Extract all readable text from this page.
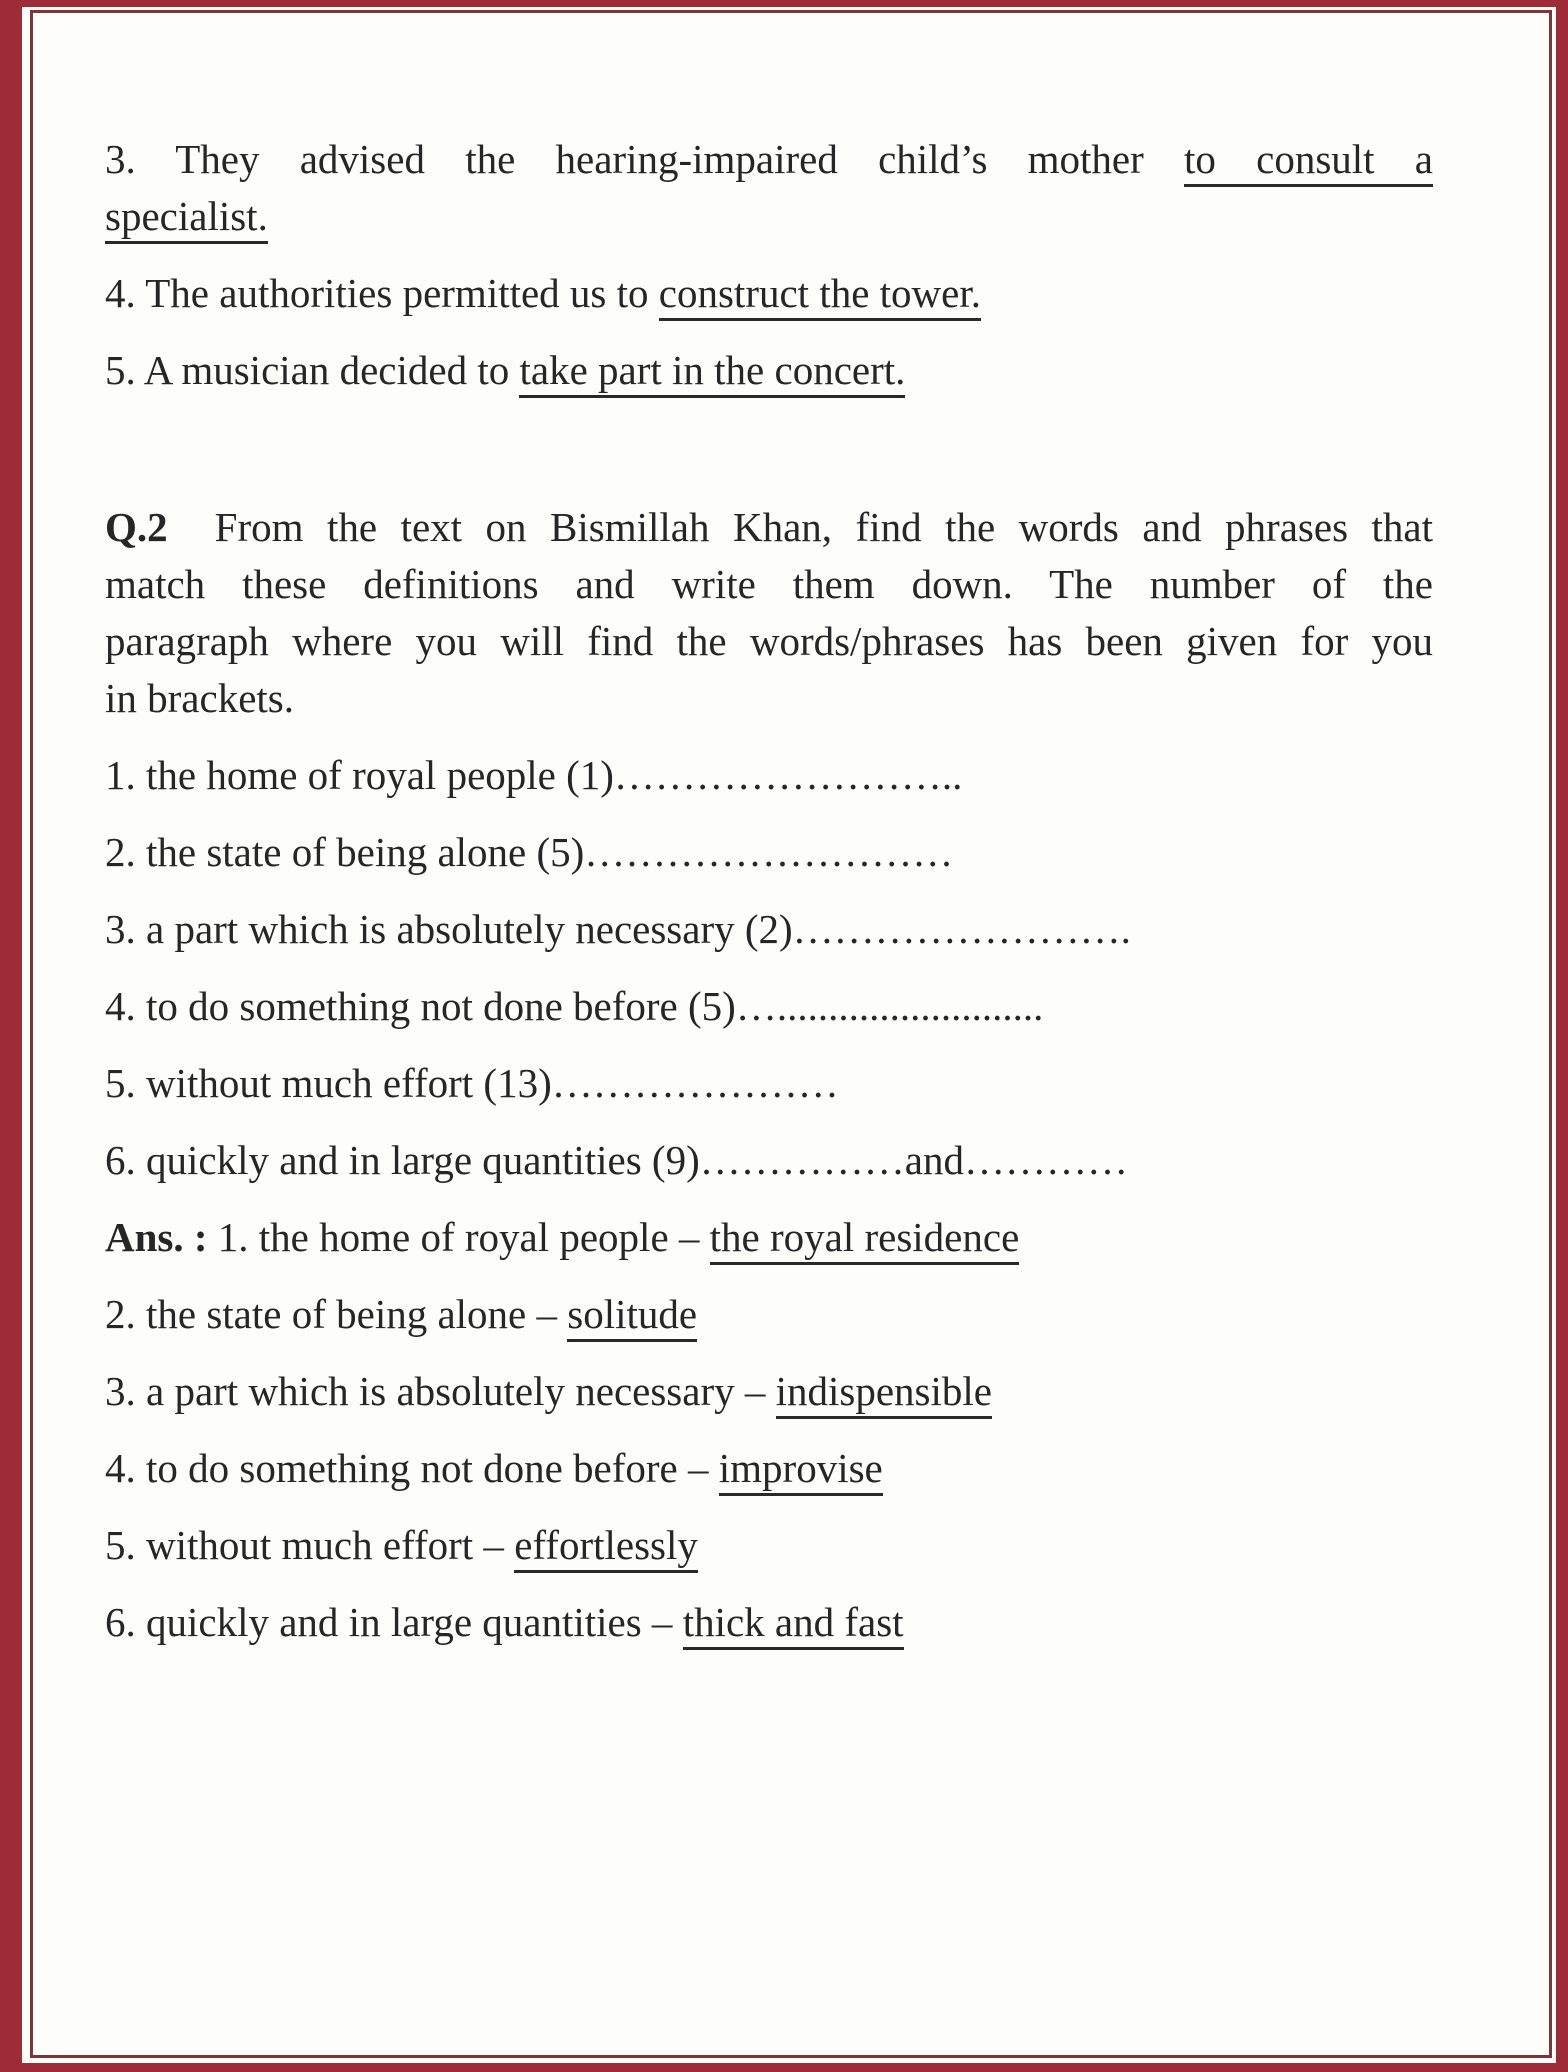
3. They advised the hearing-impaired child’s mother to consult a
specialist.
4. The authorities permitted us to construct the tower.
5. A musician decided to take part in the concert.
Q.2  From the text on Bismillah Khan, find the words and phrases that
match these definitions and write them down. The number of the
paragraph where you will find the words/phrases has been given for you
in brackets.
1. the home of royal people (1)……………………..
2. the state of being alone (5)………………………
3. a part which is absolutely necessary (2)…………………….
4. to do something not done before (5)…..........................
5. without much effort (13)…………………
6. quickly and in large quantities (9)……………and…………
Ans. : 1. the home of royal people – the royal residence
2. the state of being alone – solitude
3. a part which is absolutely necessary – indispensible
4. to do something not done before – improvise
5. without much effort – effortlessly
6. quickly and in large quantities – thick and fast
